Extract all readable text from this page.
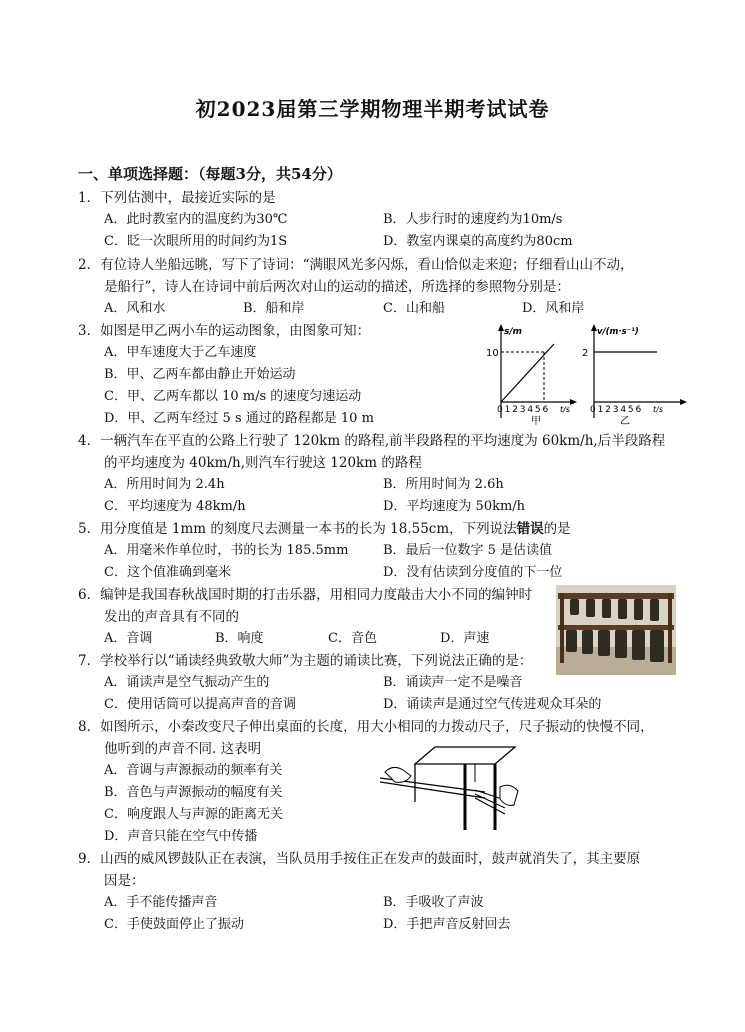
初2023届第三学期物理半期考试试卷
一、单项选择题：（每题3分，共54分）
1．下列估测中，最接近实际的是
A．此时教室内的温度约为30℃	B．人步行时的速度约为10m/s
C．眨一次眼所用的时间约为1S	D．教室内课桌的高度约为80cm
2．有位诗人坐船远眺，写下了诗词：“满眼风光多闪烁，看山恰似走来迎；仔细看山山不动，
是船行”，诗人在诗词中前后两次对山的运动的描述，所选择的参照物分别是：
A．风和水	B．船和岸	C．山和船	D．风和岸
3．如图是甲乙两小车的运动图象，由图象可知：
A．甲车速度大于乙车速度
B．甲、乙两车都由静止开始运动
C．甲、乙两车都以 10 m/s 的速度匀速运动
D．甲、乙两车经过 5 s 通过的路程都是 10 m
s/m
10
0 1 2 3 4 5 6 t/s
甲
v/(m·s⁻¹)
2
0 1 2 3 4 5 6 t/s
乙
4．一辆汽车在平直的公路上行驶了 120km 的路程,前半段路程的平均速度为 60km/h,后半段路程
的平均速度为 40km/h,则汽车行驶这 120km 的路程
A．所用时间为 2.4h	B．所用时间为 2.6h
C．平均速度为 48km/h	D．平均速度为 50km/h
5．用分度值是 1mm 的刻度尺去测量一本书的长为 18.55cm，下列说法错误的是
A．用毫米作单位时，书的长为 185.5mm	B．最后一位数字 5 是估读值
C．这个值准确到毫米	D．没有估读到分度值的下一位
6．编钟是我国春秋战国时期的打击乐器，用相同力度敲击大小不同的编钟时
发出的声音具有不同的
A．音调	B．响度	C．音色	D．声速
7．学校举行以“诵读经典致敬大师”为主题的诵读比赛，下列说法正确的是：
A．诵读声是空气振动产生的	B．诵读声一定不是噪音
C．使用话筒可以提高声音的音调	D．诵读声是通过空气传进观众耳朵的
8．如图所示，小秦改变尺子伸出桌面的长度，用大小相同的力拨动尺子，尺子振动的快慢不同，
他听到的声音不同. 这表明
A．音调与声源振动的频率有关
B．音色与声源振动的幅度有关
C．响度跟人与声源的距离无关
D．声音只能在空气中传播
9．山西的威风锣鼓队正在表演，当队员用手按住正在发声的鼓面时，鼓声就消失了，其主要原
因是：
A．手不能传播声音	B．手吸收了声波
C．手使鼓面停止了振动	D．手把声音反射回去
